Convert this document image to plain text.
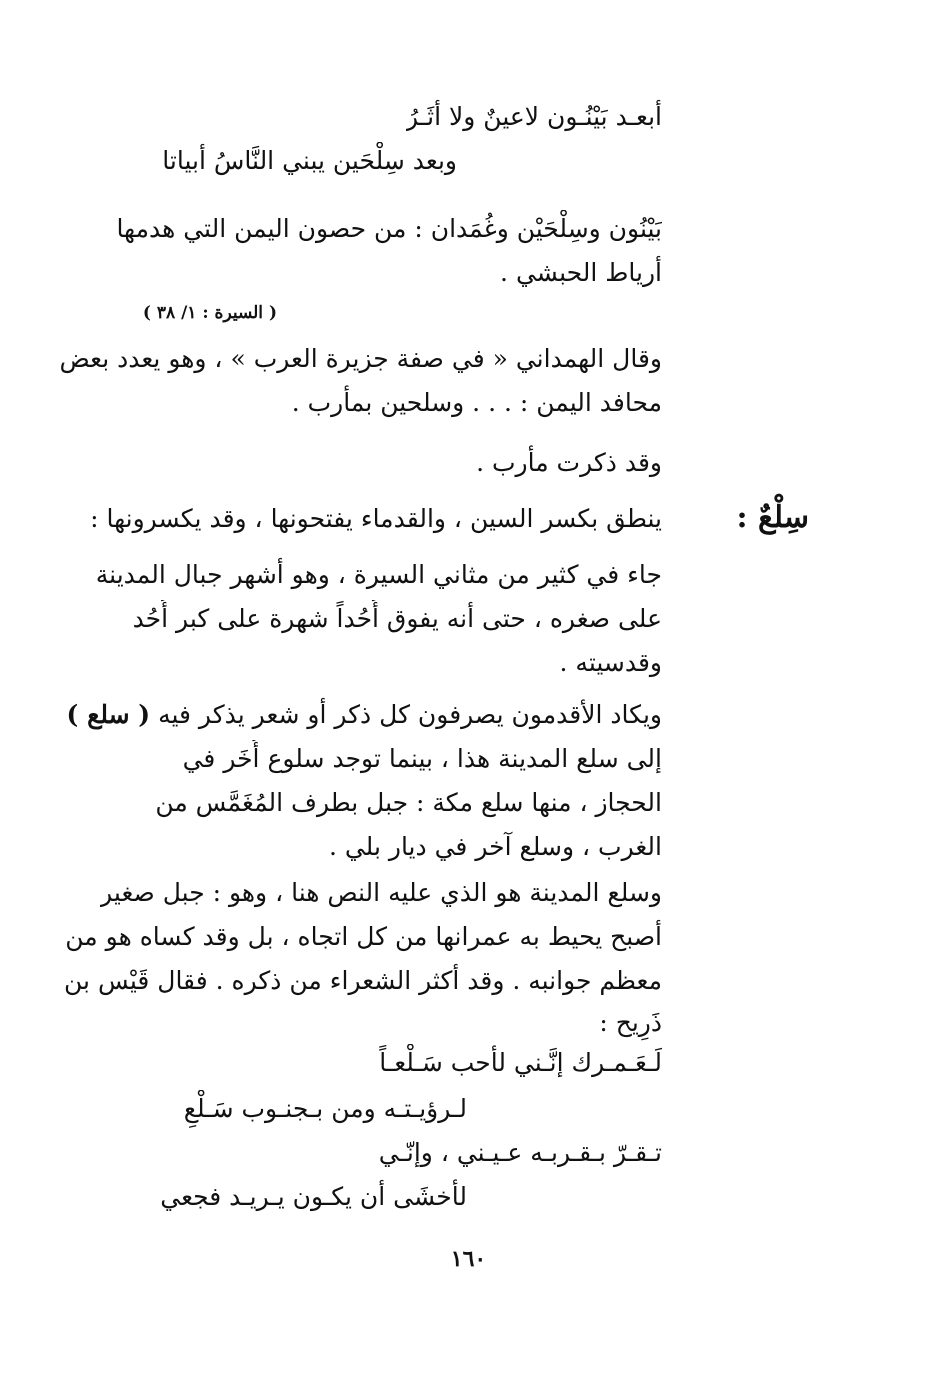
أبعـد بَيْنُـون لاعينٌ ولا أثَـرُ
وبعد سِلْحَين يبني النَّاسُ أبياتا
بَيْنُون وسِلْحَيْن وغُمَدان : من حصون اليمن التي هدمها
أرياط الحبشي .
( السيرة : ١/ ٣٨ )
وقال الهمداني « في صفة جزيرة العرب » ، وهو يعدد بعض
محافد اليمن : . . . وسلحين بمأرب .
وقد ذكرت مأرب .
سِلْعٌ :
ينطق بكسر السين ، والقدماء يفتحونها ، وقد يكسرونها :
جاء في كثير من مثاني السيرة ، وهو أشهر جبال المدينة
على صغره ، حتى أنه يفوق أُحُداً شهرة على كبر أُحُد
وقدسيته .
ويكاد الأقدمون يصرفون كل ذكر أو شعر يذكر فيه ( سلع )
إلى سلع المدينة هذا ، بينما توجد سلوع أُخَر في
الحجاز ، منها سلع مكة : جبل بطرف المُغَمَّس من
الغرب ، وسلع آخر في ديار بلي .
وسلع المدينة هو الذي عليه النص هنا ، وهو : جبل صغير
أصبح يحيط به عمرانها من كل اتجاه ، بل وقد كساه هو من
معظم جوانبه . وقد أكثر الشعراء من ذكره . فقال قَيْس بن
ذَرِيح :
لَـعَـمـرك إنَّـني لأحب سَـلْعـاً
لـرؤيـتـه ومن بـجنـوب سَـلْعِ
تـقـرّ بـقـربـه عـيـني ، وإنّـي
لأخشَى أن يكـون يـريـد فجعي
١٦٠
